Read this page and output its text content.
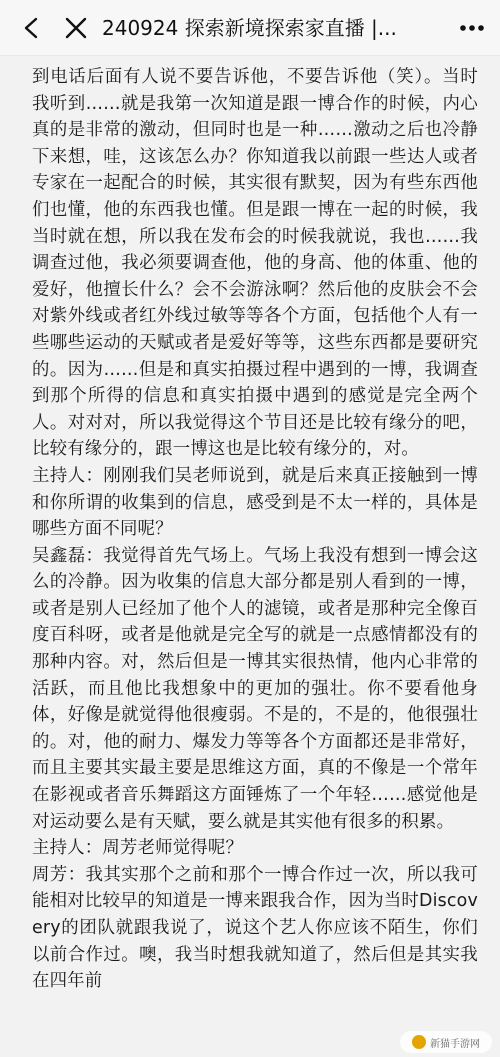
240924 探索新境探索家直播 |...

到电话后面有人说不要告诉他，不要告诉他（笑）。当时我听到……就是我第一次知道是跟一博合作的时候，内心真的是非常的激动，但同时也是一种……激动之后也冷静下来想，哇，这该怎么办？你知道我以前跟一些达人或者专家在一起配合的时候，其实很有默契，因为有些东西他们也懂，他的东西我也懂。但是跟一博在一起的时候，我当时就在想，所以我在发布会的时候我就说，我也……我调查过他，我必须要调查他，他的身高、他的体重、他的爱好，他擅长什么？会不会游泳啊？然后他的皮肤会不会对紫外线或者红外线过敏等等各个方面，包括他个人有一些哪些运动的天赋或者是爱好等等，这些东西都是要研究的。因为……但是和真实拍摄过程中遇到的一博，我调查到那个所得的信息和真实拍摄中遇到的感觉是完全两个人。对对对，所以我觉得这个节目还是比较有缘分的吧，比较有缘分的，跟一博这也是比较有缘分的，对。

主持人：刚刚我们吴老师说到，就是后来真正接触到一博和你所谓的收集到的信息，感受到是不太一样的，具体是哪些方面不同呢？

吴鑫磊：我觉得首先气场上。气场上我没有想到一博会这么的冷静。因为收集的信息大部分都是别人看到的一博，或者是别人已经加了他个人的滤镜，或者是那种完全像百度百科呀，或者是他就是完全写的就是一点感情都没有的那种内容。对，然后但是一博其实很热情，他内心非常的活跃，而且他比我想象中的更加的强壮。你不要看他身体，好像是就觉得他很瘦弱。不是的，不是的，他很强壮的。对，他的耐力、爆发力等等各个方面都还是非常好，而且主要其实最主要是思维这方面，真的不像是一个常年在影视或者音乐舞蹈这方面锤炼了一个年轻……感觉他是对运动要么是有天赋，要么就是其实他有很多的积累。

主持人：周芳老师觉得呢？

周芳：我其实那个之前和那个一博合作过一次，所以我可能相对比较早的知道是一博来跟我合作，因为当时Discovery的团队就跟我说了，说这个艺人你应该不陌生，你们以前合作过。噢，我当时想我就知道了，然后但是其实我在四年前

新猫手游网
